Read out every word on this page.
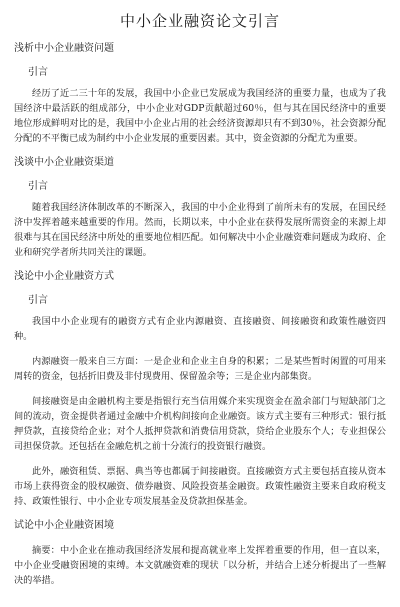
中小企业融资论文引言
浅析中小企业融资问题
引言

经历了近二三十年的发展，我国中小企业已发展成为我国经济的重要力量，也成为了我国经济中最活跃的组成部分，中小企业对GDP贡献超过60％，但与其在国民经济中的重要地位形成鲜明对比的是，我国中小企业占用的社会经济资源却只有不到30％，社会资源分配分配的不平衡已成为制约中小企业发展的重要因素。其中，资金资源的分配尤为重要。

浅谈中小企业融资渠道
引言

随着我国经济体制改革的不断深入，我国的中小企业得到了前所未有的发展，在国民经济中发挥着越来越重要的作用。然而，长期以来，中小企业在获得发展所需资金的来源上却很难与其在国民经济中所处的重要地位相匹配。如何解决中小企业融资难问题成为政府、企业和研究学者所共同关注的课题。

浅论中小企业融资方式
引言

我国中小企业现有的融资方式有企业内源融资、直接融资、间接融资和政策性融资四种。

内源融资一般来自三方面：一是企业和企业主自身的积累；二是某些暂时闲置的可用来周转的资金，包括折旧费及非付现费用、保留盈余等；三是企业内部集资。

间接融资是由金融机构主要是指银行充当信用媒介来实现资金在盈余部门与短缺部门之间的流动，资金提供者通过金融中介机构间接向企业融资。该方式主要有三种形式：银行抵押贷款，直接贷给企业；对个人抵押贷款和消费信用贷款，贷给企业股东个人；专业担保公司担保贷款。还包括在金融危机之前十分流行的投资银行融资。

此外，融资租赁、票据、典当等也都属于间接融资。直接融资方式主要包括直接从资本市场上获得资金的股权融资、债券融资、风险投资基金融资。政策性融资主要来自政府税支持、政策性银行、中小企业专项发展基金及贷款担保基金。

试论中小企业融资困境

摘要：中小企业在推动我国经济发展和提高就业率上发挥着重要的作用，但一直以来，中小企业受融资困境的束缚。本文就融资难的现状「以分析，并结合上述分析提出了一些解决的举措。
